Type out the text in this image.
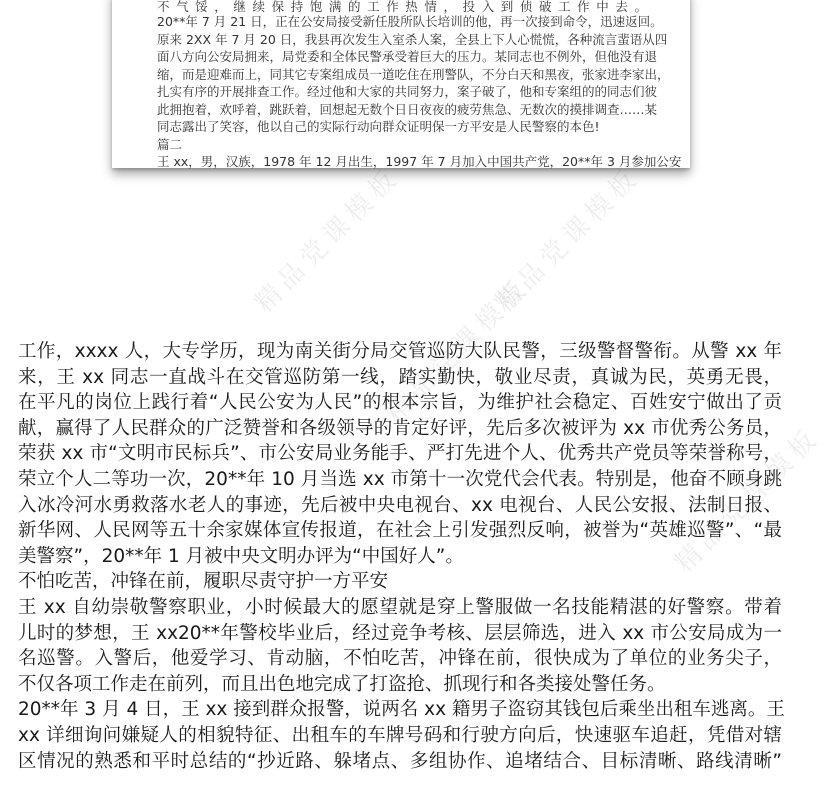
精品党课模板	精品党课模板
精品党课模板
精品党课模板
不气馁，继续保持饱满的工作热情，投入到侦破工作中去。
20**年 7 月 21 日，正在公安局接受新任股所队长培训的他，再一次接到命令，迅速返回。
原来 2XX 年 7 月 20 日，我县再次发生入室杀人案，全县上下人心慌慌，各种流言蜚语从四
面八方向公安局拥来，局党委和全体民警承受着巨大的压力。某同志也不例外，但他没有退
缩，而是迎难而上，同其它专案组成员一道吃住在刑警队，不分白天和黑夜，张家进李家出，
扎实有序的开展排查工作。经过他和大家的共同努力，案子破了，他和专案组的的同志们彼
此拥抱着，欢呼着，跳跃着，回想起无数个日日夜夜的疲劳焦急、无数次的摸排调查……某
同志露出了笑容，他以自己的实际行动向群众证明保一方平安是人民警察的本色!
篇二
王 xx，男，汉族，1978 年 12 月出生，1997 年 7 月加入中国共产党，20**年 3 月参加公安
工作，xxxx 人，大专学历，现为南关街分局交管巡防大队民警，三级警督警衔。从警 xx 年
来，王 xx 同志一直战斗在交管巡防第一线，踏实勤快，敬业尽责，真诚为民，英勇无畏，
在平凡的岗位上践行着“人民公安为人民”的根本宗旨，为维护社会稳定、百姓安宁做出了贡
献，赢得了人民群众的广泛赞誉和各级领导的肯定好评，先后多次被评为 xx 市优秀公务员，
荣获 xx 市“文明市民标兵”、市公安局业务能手、严打先进个人、优秀共产党员等荣誉称号，
荣立个人二等功一次，20**年 10 月当选 xx 市第十一次党代会代表。特别是，他奋不顾身跳
入冰冷河水勇救落水老人的事迹，先后被中央电视台、xx 电视台、人民公安报、法制日报、
新华网、人民网等五十余家媒体宣传报道，在社会上引发强烈反响，被誉为“英雄巡警”、“最
美警察”，20**年 1 月被中央文明办评为“中国好人”。
不怕吃苦，冲锋在前，履职尽责守护一方平安
王 xx 自幼崇敬警察职业，小时候最大的愿望就是穿上警服做一名技能精湛的好警察。带着
儿时的梦想，王 xx20**年警校毕业后，经过竞争考核、层层筛选，进入 xx 市公安局成为一
名巡警。入警后，他爱学习、肯动脑，不怕吃苦，冲锋在前，很快成为了单位的业务尖子，
不仅各项工作走在前列，而且出色地完成了打盗抢、抓现行和各类接处警任务。
20**年 3 月 4 日，王 xx 接到群众报警，说两名 xx 籍男子盗窃其钱包后乘坐出租车逃离。王
xx 详细询问嫌疑人的相貌特征、出租车的车牌号码和行驶方向后，快速驱车追赶，凭借对辖
区情况的熟悉和平时总结的“抄近路、躲堵点、多组协作、追堵结合、目标清晰、路线清晰”
